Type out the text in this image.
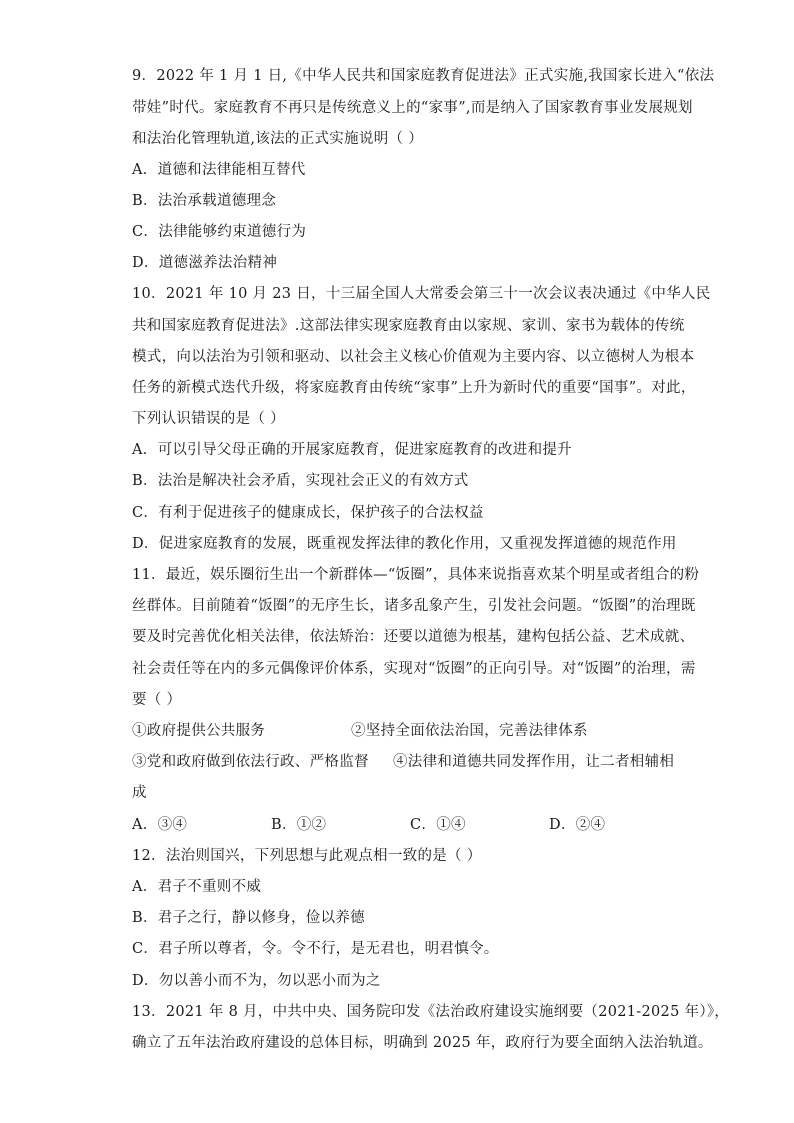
9．2022 年 1 月 1 日,《中华人民共和国家庭教育促进法》正式实施,我国家长进入“依法
带娃”时代。家庭教育不再只是传统意义上的“家事”,而是纳入了国家教育事业发展规划
和法治化管理轨道,该法的正式实施说明（ ）
A．道德和法律能相互替代
B．法治承载道德理念
C．法律能够约束道德行为
D．道德滋养法治精神
10．2021 年 10 月 23 日，十三届全国人大常委会第三十一次会议表决通过《中华人民
共和国家庭教育促进法》.这部法律实现家庭教育由以家规、家训、家书为载体的传统
模式，向以法治为引领和驱动、以社会主义核心价值观为主要内容、以立德树人为根本
任务的新模式迭代升级，将家庭教育由传统“家事”上升为新时代的重要“国事”。对此，
下列认识错误的是（ ）
A．可以引导父母正确的开展家庭教育，促进家庭教育的改进和提升
B．法治是解决社会矛盾，实现社会正义的有效方式
C．有利于促进孩子的健康成长，保护孩子的合法权益
D．促进家庭教育的发展，既重视发挥法律的教化作用，又重视发挥道德的规范作用
11．最近，娱乐圈衍生出一个新群体—“饭圈”，具体来说指喜欢某个明星或者组合的粉
丝群体。目前随着“饭圈”的无序生长，诸多乱象产生，引发社会问题。“饭圈”的治理既
要及时完善优化相关法律，依法矫治：还要以道德为根基，建构包括公益、艺术成就、
社会责任等在内的多元偶像评价体系，实现对“饭圈”的正向引导。对“饭圈”的治理，需
要（ ）
①政府提供公共服务	②坚持全面依法治国，完善法律体系
③党和政府做到依法行政、严格监督 ④法律和道德共同发挥作用，让二者相辅相
成
A．③④	B．①②	C．①④	D．②④
12．法治则国兴，下列思想与此观点相一致的是（ ）
A．君子不重则不威
B．君子之行，静以修身，俭以养德
C．君子所以尊者，令。令不行，是无君也，明君慎令。
D．勿以善小而不为，勿以恶小而为之
13．2021 年 8 月，中共中央、国务院印发《法治政府建设实施纲要（2021-2025 年）》，
确立了五年法治政府建设的总体目标，明确到 2025 年，政府行为要全面纳入法治轨道。
